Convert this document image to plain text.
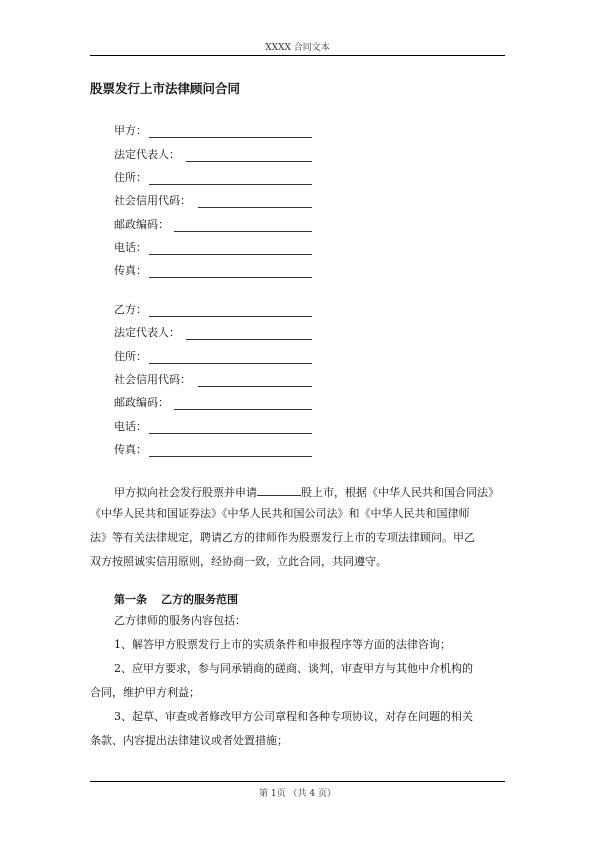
XXXX 合同文本
股票发行上市法律顾问合同
甲方：
法定代表人：
住所：
社会信用代码：
邮政编码：
电话：
传真：
乙方：
法定代表人：
住所：
社会信用代码：
邮政编码：
电话：
传真：
甲方拟向社会发行股票并申请	股上市，根据《中华人民共和国合同法》
《中华人民共和国证券法》《中华人民共和国公司法》和《中华人民共和国律师
法》等有关法律规定，聘请乙方的律师作为股票发行上市的专项法律顾问。甲乙
双方按照诚实信用原则，经协商一致，立此合同，共同遵守。
第一条 乙方的服务范围
乙方律师的服务内容包括：
1、解答甲方股票发行上市的实质条件和申报程序等方面的法律咨询；
2、应甲方要求，参与同承销商的磋商、谈判，审查甲方与其他中介机构的
合同，维护甲方利益；
3、起草、审查或者修改甲方公司章程和各种专项协议，对存在问题的相关
条款、内容提出法律建议或者处置措施；
第 1页 （共 4 页）
